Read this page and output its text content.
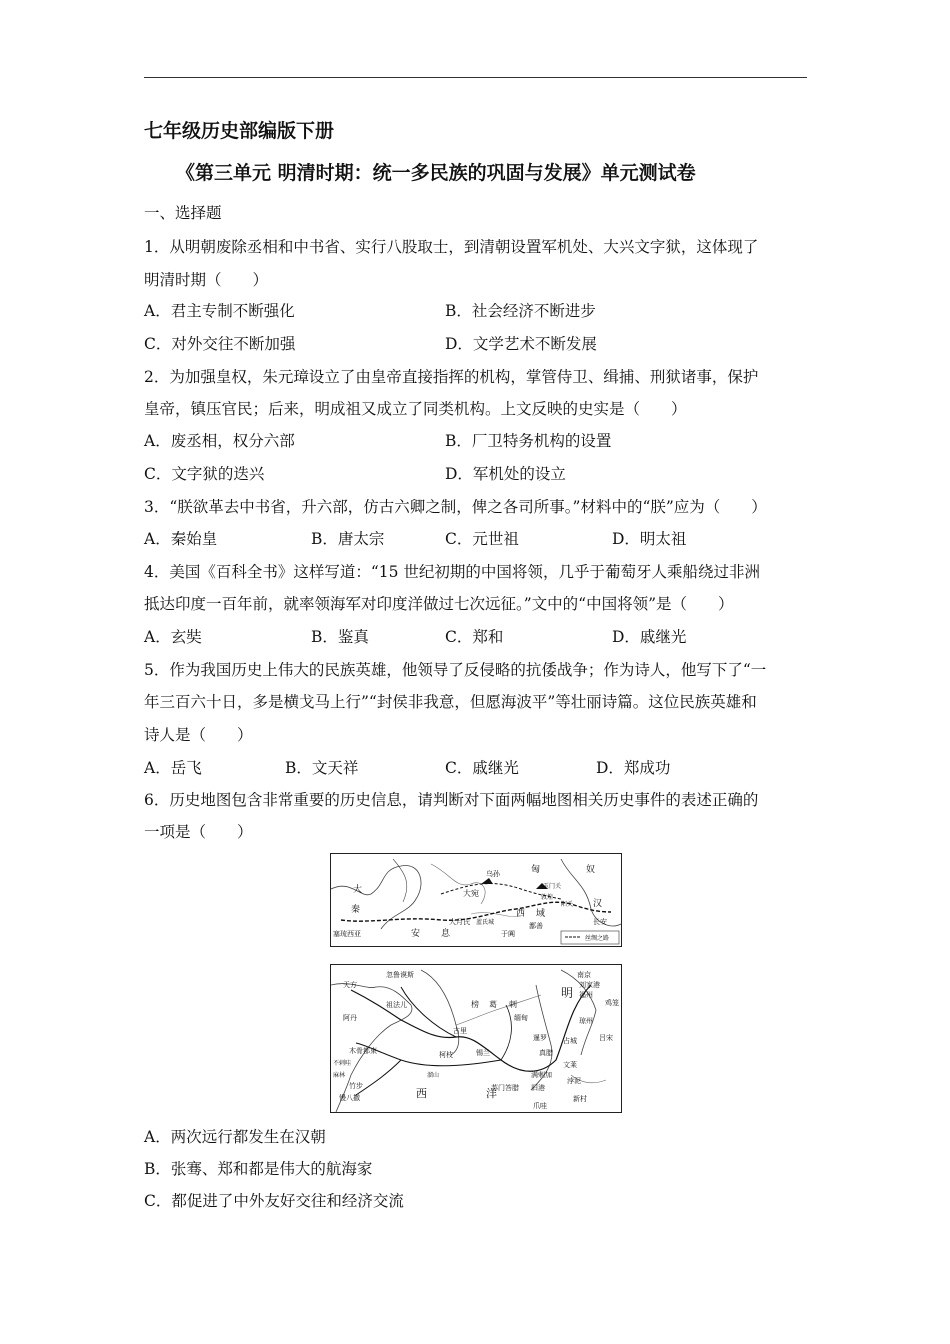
七年级历史部编版下册
《第三单元 明清时期：统一多民族的巩固与发展》单元测试卷
一、选择题
1．从明朝废除丞相和中书省、实行八股取士，到清朝设置军机处、大兴文字狱，这体现了
明清时期（　　）
A．君主专制不断强化	B．社会经济不断进步
C．对外交往不断加强	D．文学艺术不断发展
2．为加强皇权，朱元璋设立了由皇帝直接指挥的机构，掌管侍卫、缉捕、刑狱诸事，保护
皇帝，镇压官民；后来，明成祖又成立了同类机构。上文反映的史实是（　　）
A．废丞相，权分六部	B．厂卫特务机构的设置
C．文字狱的迭兴	D．军机处的设立
3．“朕欲革去中书省，升六部，仿古六卿之制，俾之各司所事。”材料中的“朕”应为（　　）
A．秦始皇	B．唐太宗	C．元世祖	D．明太祖
4．美国《百科全书》这样写道：“15 世纪初期的中国将领，几乎于葡萄牙人乘船绕过非洲
抵达印度一百年前，就率领海军对印度洋做过七次远征。”文中的“中国将领”是（　　）
A．玄奘	B．鉴真	C．郑和	D．戚继光
5．作为我国历史上伟大的民族英雄，他领导了反侵略的抗倭战争；作为诗人，他写下了“一
年三百六十日，多是横戈马上行”“封侯非我意，但愿海波平”等壮丽诗篇。这位民族英雄和
诗人是（　　）
A．岳飞	B．文天祥	C．戚继光	D．郑成功
6．历史地图包含非常重要的历史信息，请判断对下面两幅地图相关历史事件的表述正确的
一项是（　　）
匈	奴
大
秦
塞琉西亚	安 息
大宛
乌孙
大月氏 蓝氏城
西 域
于阗
玉门关
敦煌
阳关
鄯善
汉
长安
丝绸之路
忽鲁谟斯
天方
祖法儿
阿丹
木骨都束
不剌哇
麻林
竹步
慢八撒
古里
柯枝	锡兰
榜 葛 剌
溜山
缅甸
暹罗 占城
真腊
满剌加
苏门答腊 旧港
爪哇
新村
浡泥
南京
刘家港
福州
鸡笼
琼州
吕宋
明
文莱
西	洋
A．两次远行都发生在汉朝
B．张骞、郑和都是伟大的航海家
C．都促进了中外友好交往和经济交流
